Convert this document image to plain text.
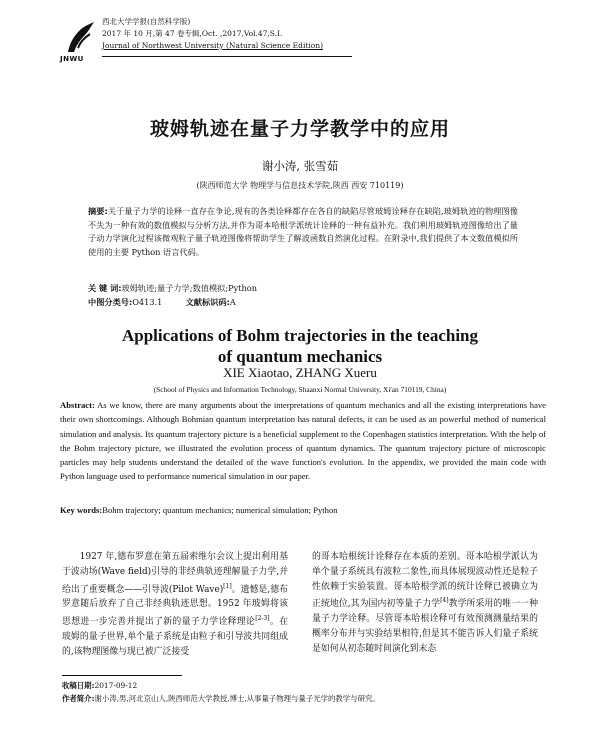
JNWU
西北大学学报(自然科学版)
2017 年 10 月,第 47 卷专辑,Oct. ,2017,Vol.47,S.I.
Journal of Northwest University (Natural Science Edition)
玻姆轨迹在量子力学教学中的应用
谢小涛, 张雪茹
(陕西师范大学 物理学与信息技术学院,陕西 西安 710119)
摘要:关于量子力学的诠释一直存在争论,现有的各类诠释都存在各自的缺陷尽管玻姆诠释存在缺陷,玻姆轨迹的物理图像不失为一种有效的数值模拟与分析方法,并作为哥本哈根学派统计诠释的一种有益补充。我们利用玻姆轨迹图像给出了量子动力学演化过程该微观粒子量子轨迹图像将帮助学生了解波函数自然演化过程。在附录中,我们提供了本文数值模拟所使用的主要 Python 语言代码。
关 键 词:玻姆轨迹;量子力学;数值模拟;Python
中图分类号:O413.1	文献标识码:A
Applications of Bohm trajectories in the teaching
of quantum mechanics
XIE Xiaotao, ZHANG Xueru
(School of Physics and Information Technology, Shaanxi Normal University, Xi'an 710119, China)
Abstract: As we know, there are many arguments about the interpretations of quantum mechanics and all the existing interpretations have their own shortcomings. Although Bohmian quantum interpretation has natural defects, it can be used as an powerful method of numerical simulation and analysis. Its quantum trajectory picture is a beneficial supplement to the Copenhagen statistics interpretation. With the help of the Bohm trajectory picture, we illustrated the evolution process of quantum dynamics. The quantum trajectory picture of microscopic particles may help students understand the detailed of the wave function's evolution. In the appendix, we provided the main code with Python language used to performance numerical simulation in our paper.
Key words:Bohm trajectory; quantum mechanics; numerical simulation; Python

1927 年,德布罗意在第五届索维尔会议上提出利用基于波动场(Wave field)引导的非经典轨迹理解量子力学,并给出了重要概念——引导波(Pilot Wave)[1]。遗憾是,德布罗意随后放弃了自己非经典轨迹思想。1952 年玻姆将该思想进一步完善并提出了新的量子力学诠释理论[2-3]。在玻姆的量子世界,单个量子系统是由粒子和引导波共同组成的,该物理图像与现已被广泛接受

的哥本哈根统计诠释存在本质的差别。哥本哈根学派认为单个量子系统具有波粒二象性,而具体展现波动性还是粒子性依赖于实验装置。哥本哈根学派的统计诠释已被确立为正统地位,其为国内初等量子力学[4]教学所采用的唯一一种量子力学诠释。尽管哥本哈根诠释可有效预测测量结果的概率分布并与实验结果相符,但是其不能告诉人们量子系统是如何从初态随时间演化到末态

收稿日期:2017-09-12
作者简介:谢小涛,男,河北京山人,陕西师范大学教授,博士,从事量子物理与量子光学的教学与研究。
